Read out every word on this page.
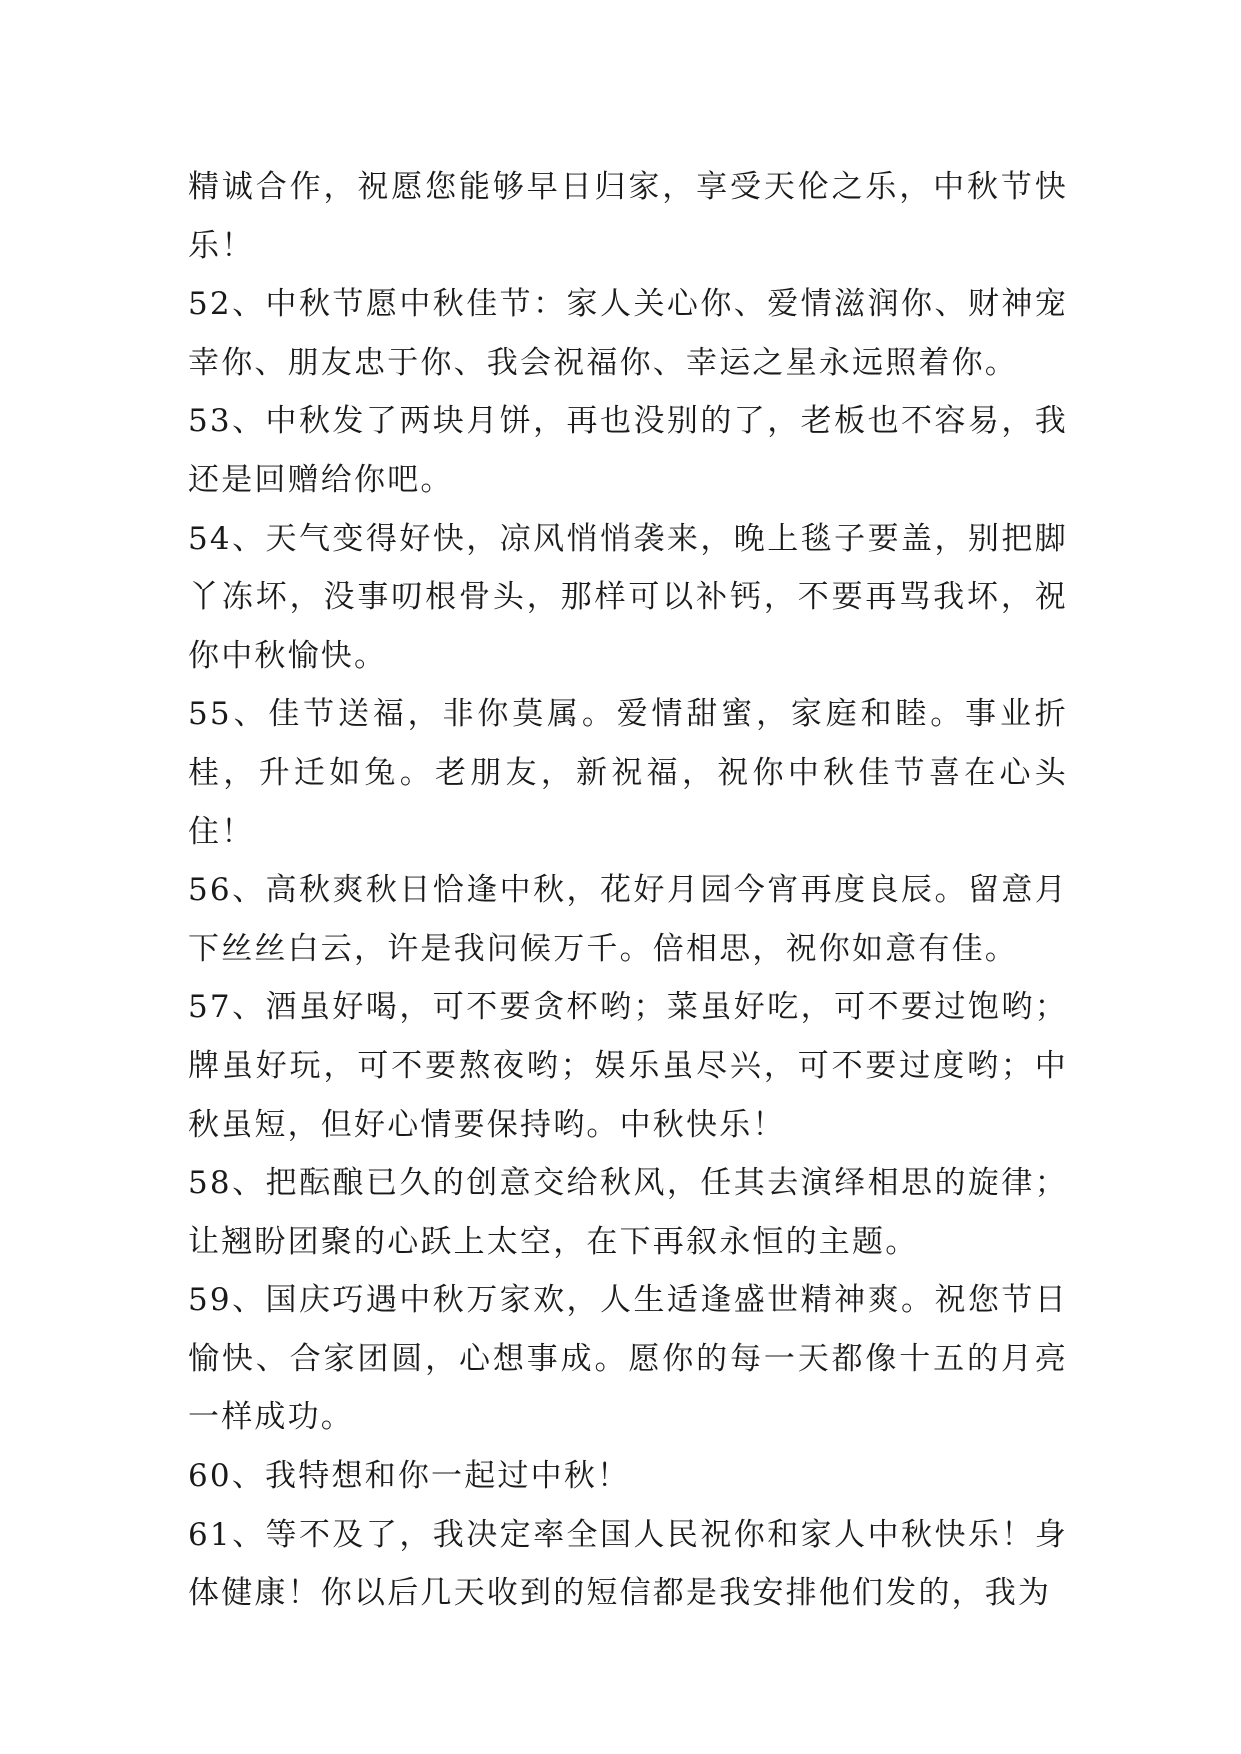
精诚合作，祝愿您能够早日归家，享受天伦之乐，中秋节快乐！

52、中秋节愿中秋佳节：家人关心你、爱情滋润你、财神宠幸你、朋友忠于你、我会祝福你、幸运之星永远照着你。

53、中秋发了两块月饼，再也没别的了，老板也不容易，我还是回赠给你吧。

54、天气变得好快，凉风悄悄袭来，晚上毯子要盖，别把脚丫冻坏，没事叨根骨头，那样可以补钙，不要再骂我坏，祝你中秋愉快。

55、佳节送福，非你莫属。爱情甜蜜，家庭和睦。事业折桂，升迁如兔。老朋友，新祝福，祝你中秋佳节喜在心头住！

56、高秋爽秋日恰逢中秋，花好月园今宵再度良辰。留意月下丝丝白云，许是我问候万千。倍相思，祝你如意有佳。

57、酒虽好喝，可不要贪杯哟；菜虽好吃，可不要过饱哟；牌虽好玩，可不要熬夜哟；娱乐虽尽兴，可不要过度哟；中秋虽短，但好心情要保持哟。中秋快乐！

58、把酝酿已久的创意交给秋风，任其去演绎相思的旋律；让翘盼团聚的心跃上太空，在下再叙永恒的主题。

59、国庆巧遇中秋万家欢，人生适逢盛世精神爽。祝您节日愉快、合家团圆，心想事成。愿你的每一天都像十五的月亮一样成功。

60、我特想和你一起过中秋！

61、等不及了，我决定率全国人民祝你和家人中秋快乐！身体健康！你以后几天收到的短信都是我安排他们发的，我为
